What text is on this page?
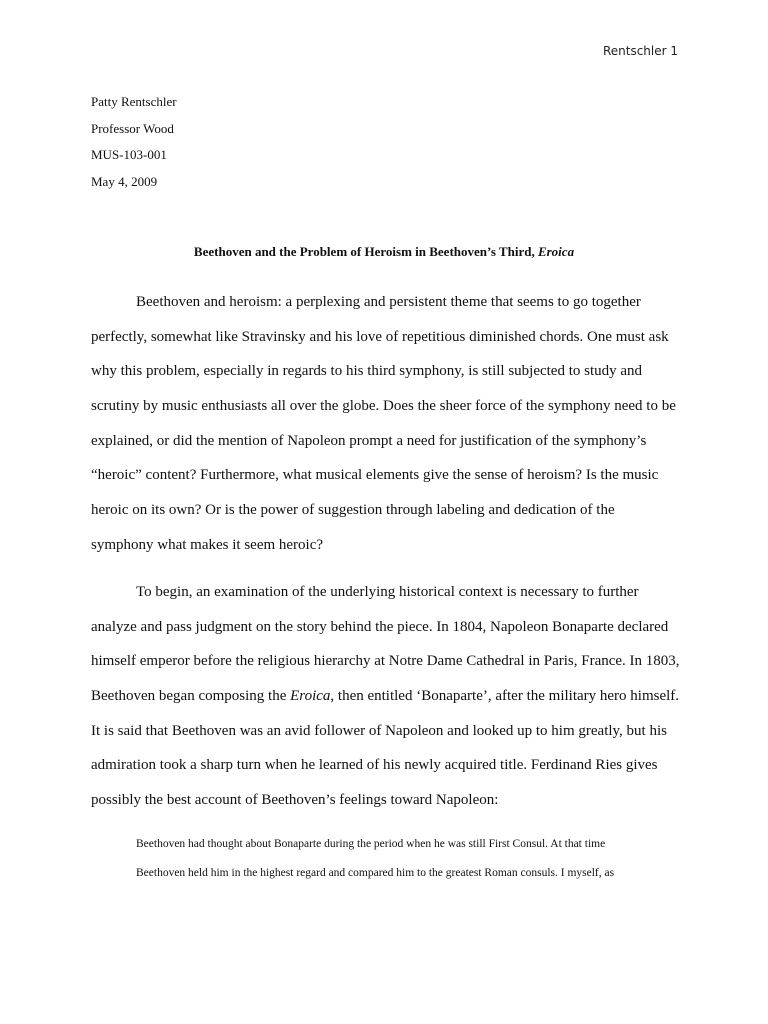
Rentschler 1
Patty Rentschler
Professor Wood
MUS-103-001
May 4, 2009
Beethoven and the Problem of Heroism in Beethoven’s Third, Eroica
Beethoven and heroism: a perplexing and persistent theme that seems to go together
perfectly, somewhat like Stravinsky and his love of repetitious diminished chords. One must ask
why this problem, especially in regards to his third symphony, is still subjected to study and
scrutiny by music enthusiasts all over the globe. Does the sheer force of the symphony need to be
explained, or did the mention of Napoleon prompt a need for justification of the symphony’s
“heroic” content? Furthermore, what musical elements give the sense of heroism? Is the music
heroic on its own? Or is the power of suggestion through labeling and dedication of the
symphony what makes it seem heroic?
To begin, an examination of the underlying historical context is necessary to further
analyze and pass judgment on the story behind the piece. In 1804, Napoleon Bonaparte declared
himself emperor before the religious hierarchy at Notre Dame Cathedral in Paris, France. In 1803,
Beethoven began composing the Eroica, then entitled ‘Bonaparte’, after the military hero himself.
It is said that Beethoven was an avid follower of Napoleon and looked up to him greatly, but his
admiration took a sharp turn when he learned of his newly acquired title. Ferdinand Ries gives
possibly the best account of Beethoven’s feelings toward Napoleon:
Beethoven had thought about Bonaparte during the period when he was still First Consul. At that time
Beethoven held him in the highest regard and compared him to the greatest Roman consuls. I myself, as
